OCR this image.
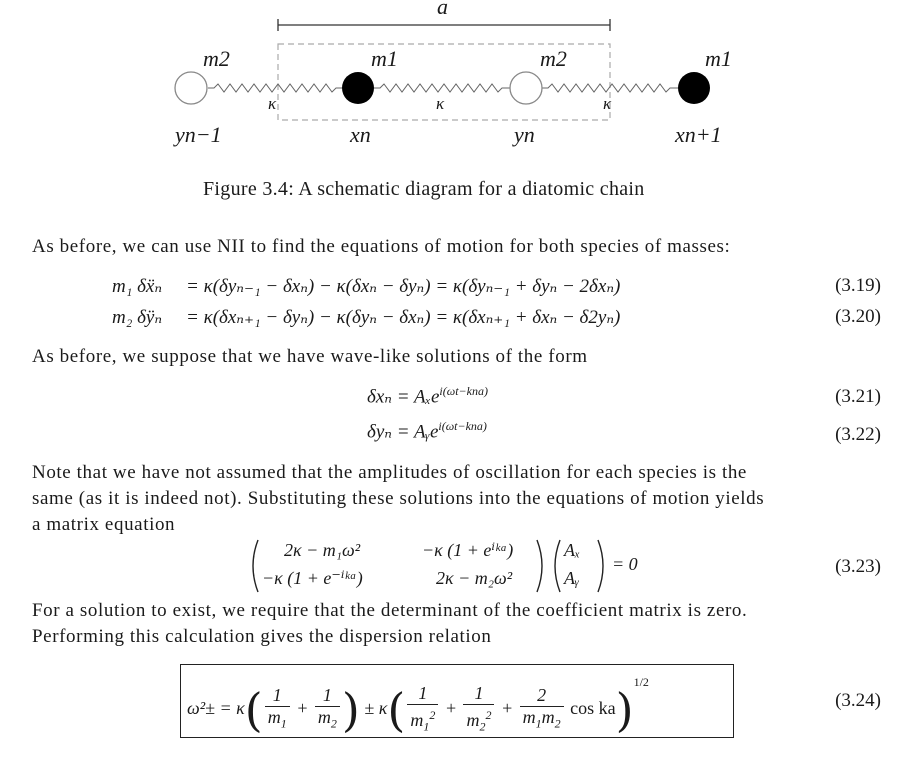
a
m2	m1	m2	m1
κ	κ	κ
yn−1	xn	yn	xn+1
Figure 3.4: A schematic diagram for a diatomic chain
As before, we can use NII to find the equations of motion for both species of masses:
m₁ δẍₙ = κ(δyₙ₋₁ − δxₙ) − κ(δxₙ − δyₙ) = κ(δyₙ₋₁ + δyₙ − 2δxₙ)	(3.19)
m₂ δÿₙ = κ(δxₙ₊₁ − δyₙ) − κ(δyₙ − δxₙ) = κ(δxₙ₊₁ + δxₙ − δ2yₙ)	(3.20)
As before, we suppose that we have wave-like solutions of the form
δxₙ = Aₓe$^{i(\omega t-kna)}$	(3.21)
δyₙ = Aᵧe$^{i(\omega t-kna)}$	(3.22)
Note that we have not assumed that the amplitudes of oscillation for each species is the
same (as it is indeed not). Substituting these solutions into the equations of motion yields
a matrix equation
2κ − m₁ω²	−κ (1 + eⁱᵏᵃ)
−κ (1 + e⁻ⁱᵏᵃ)	2κ − m₂ω²
Aₓ
Aᵧ
= 0	(3.23)
For a solution to exist, we require that the determinant of the coefficient matrix is zero.
Performing this calculation gives the dispersion relation
$\omega^2\pm = \kappa( \frac{1}{m_1} + \frac{1}{m_2}$ ) ± $\kappa( \frac{1}{m_1^2} + \frac{1}{m_2^2} + \frac{2}{m_1m_2}$ cos ka)$^{1/2}$
(3.24)
